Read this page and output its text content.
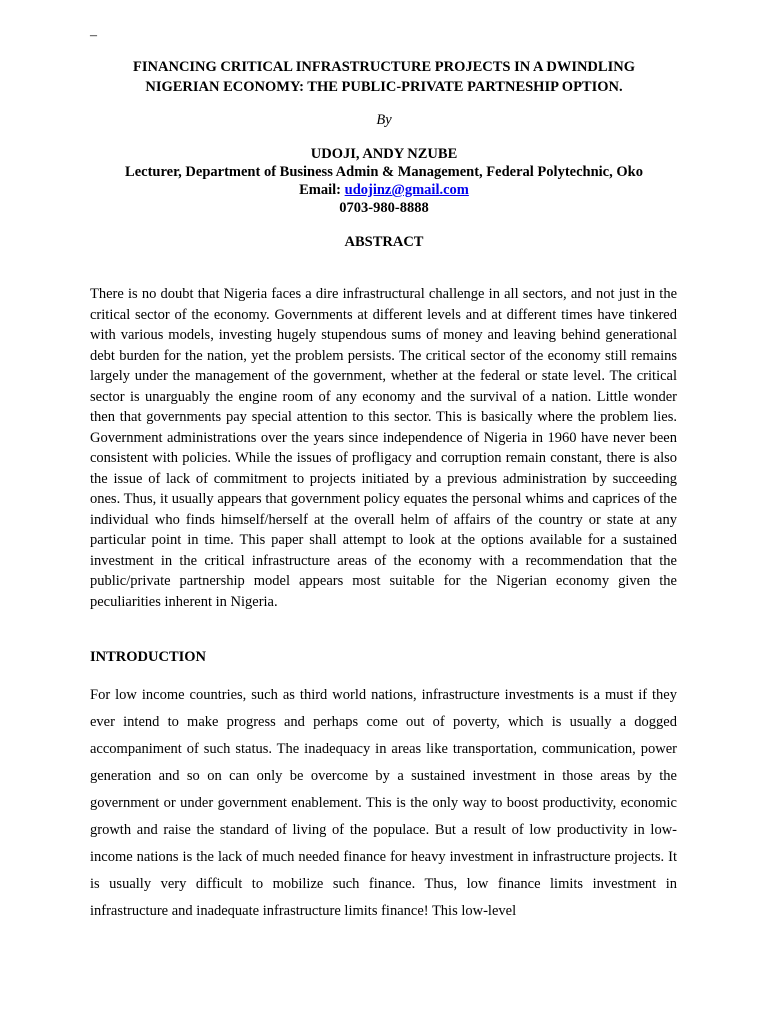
–
FINANCING CRITICAL INFRASTRUCTURE PROJECTS IN A DWINDLING
NIGERIAN ECONOMY: THE PUBLIC-PRIVATE PARTNESHIP OPTION.
By
UDOJI, ANDY NZUBE
Lecturer, Department of Business Admin & Management, Federal Polytechnic, Oko
Email: udojinz@gmail.com
0703-980-8888
ABSTRACT

There is no doubt that Nigeria faces a dire infrastructural challenge in all sectors, and not just in the critical sector of the economy. Governments at different levels and at different times have tinkered with various models, investing hugely stupendous sums of money and leaving behind generational debt burden for the nation, yet the problem persists. The critical sector of the economy still remains largely under the management of the government, whether at the federal or state level. The critical sector is unarguably the engine room of any economy and the survival of a nation. Little wonder then that governments pay special attention to this sector. This is basically where the problem lies. Government administrations over the years since independence of Nigeria in 1960 have never been consistent with policies. While the issues of profligacy and corruption remain constant, there is also the issue of lack of commitment to projects initiated by a previous administration by succeeding ones. Thus, it usually appears that government policy equates the personal whims and caprices of the individual who finds himself/herself at the overall helm of affairs of the country or state at any particular point in time. This paper shall attempt to look at the options available for a sustained investment in the critical infrastructure areas of the economy with a recommendation that the public/private partnership model appears most suitable for the Nigerian economy given the peculiarities inherent in Nigeria.

INTRODUCTION

For low income countries, such as third world nations, infrastructure investments is a must if they ever intend to make progress and perhaps come out of poverty, which is usually a dogged accompaniment of such status. The inadequacy in areas like transportation, communication, power generation and so on can only be overcome by a sustained investment in those areas by the government or under government enablement. This is the only way to boost productivity, economic growth and raise the standard of living of the populace. But a result of low productivity in low-income nations is the lack of much needed finance for heavy investment in infrastructure projects. It is usually very difficult to mobilize such finance. Thus, low finance limits investment in infrastructure and inadequate infrastructure limits finance! This low-level
